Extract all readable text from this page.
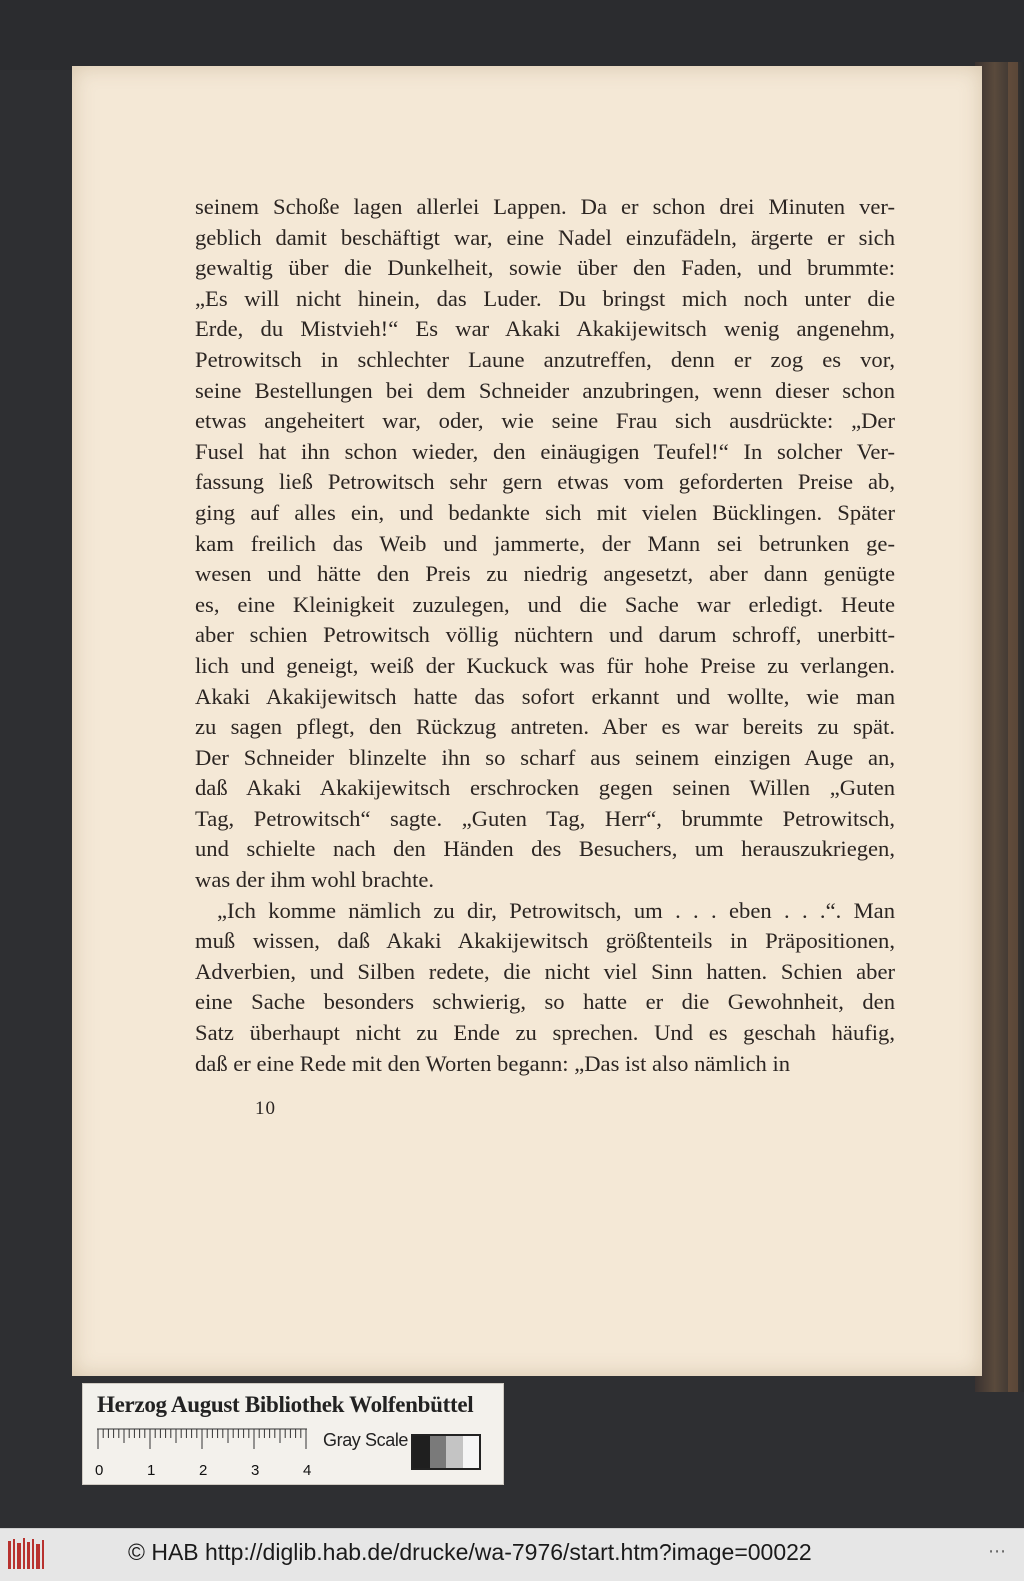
seinem Schoße lagen allerlei Lappen. Da er schon drei Minuten ver-
geblich damit beschäftigt war, eine Nadel einzufädeln, ärgerte er sich
gewaltig über die Dunkelheit, sowie über den Faden, und brummte:
„Es will nicht hinein, das Luder. Du bringst mich noch unter die
Erde, du Mistvieh!“ Es war Akaki Akakijewitsch wenig angenehm,
Petrowitsch in schlechter Laune anzutreffen, denn er zog es vor,
seine Bestellungen bei dem Schneider anzubringen, wenn dieser schon
etwas angeheitert war, oder, wie seine Frau sich ausdrückte: „Der
Fusel hat ihn schon wieder, den einäugigen Teufel!“ In solcher Ver-
fassung ließ Petrowitsch sehr gern etwas vom geforderten Preise ab,
ging auf alles ein, und bedankte sich mit vielen Bücklingen. Später
kam freilich das Weib und jammerte, der Mann sei betrunken ge-
wesen und hätte den Preis zu niedrig angesetzt, aber dann genügte
es, eine Kleinigkeit zuzulegen, und die Sache war erledigt. Heute
aber schien Petrowitsch völlig nüchtern und darum schroff, unerbitt-
lich und geneigt, weiß der Kuckuck was für hohe Preise zu verlangen.
Akaki Akakijewitsch hatte das sofort erkannt und wollte, wie man
zu sagen pflegt, den Rückzug antreten. Aber es war bereits zu spät.
Der Schneider blinzelte ihn so scharf aus seinem einzigen Auge an,
daß Akaki Akakijewitsch erschrocken gegen seinen Willen „Guten
Tag, Petrowitsch“ sagte. „Guten Tag, Herr“, brummte Petrowitsch,
und schielte nach den Händen des Besuchers, um herauszukriegen,
was der ihm wohl brachte.
„Ich komme nämlich zu dir, Petrowitsch, um . . . eben . . .“. Man
muß wissen, daß Akaki Akakijewitsch größtenteils in Präpositionen,
Adverbien, und Silben redete, die nicht viel Sinn hatten. Schien aber
eine Sache besonders schwierig, so hatte er die Gewohnheit, den
Satz überhaupt nicht zu Ende zu sprechen. Und es geschah häufig,
daß er eine Rede mit den Worten begann: „Das ist also nämlich in
10
Herzog August Bibliothek Wolfenbüttel
0	1	2	3	4
Gray Scale
© HAB http://diglib.hab.de/drucke/wa-7976/start.htm?image=00022	⋯
